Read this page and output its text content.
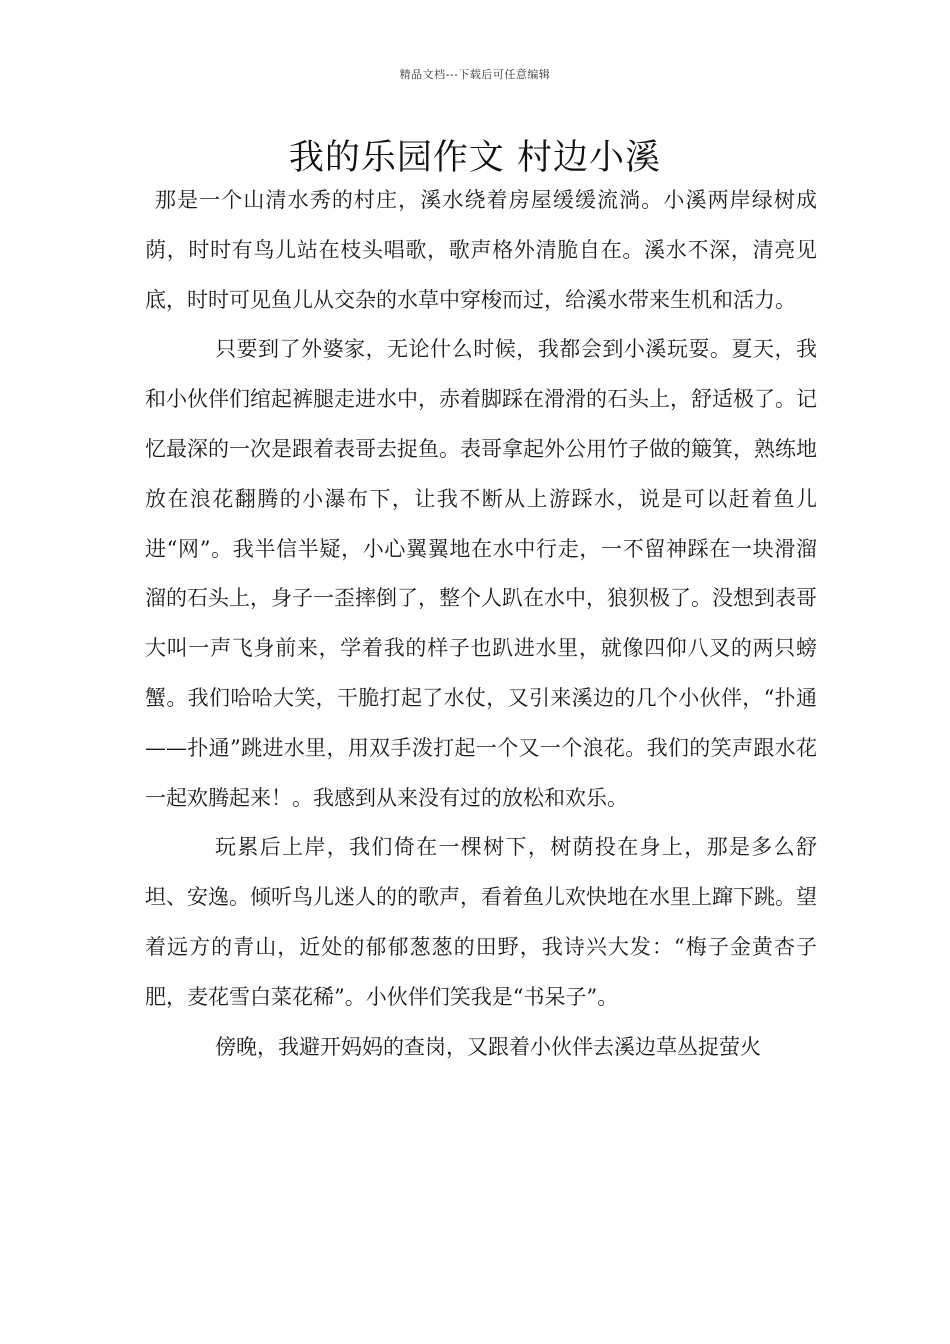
精品文档---下载后可任意编辑
我的乐园作文 村边小溪

那是一个山清水秀的村庄，溪水绕着房屋缓缓流淌。小溪两岸绿树成荫，时时有鸟儿站在枝头唱歌，歌声格外清脆自在。溪水不深，清亮见底，时时可见鱼儿从交杂的水草中穿梭而过，给溪水带来生机和活力。

只要到了外婆家，无论什么时候，我都会到小溪玩耍。夏天，我和小伙伴们绾起裤腿走进水中，赤着脚踩在滑滑的石头上，舒适极了。记忆最深的一次是跟着表哥去捉鱼。表哥拿起外公用竹子做的簸箕，熟练地放在浪花翻腾的小瀑布下，让我不断从上游踩水，说是可以赶着鱼儿进“网”。我半信半疑，小心翼翼地在水中行走，一不留神踩在一块滑溜溜的石头上，身子一歪摔倒了，整个人趴在水中，狼狈极了。没想到表哥大叫一声飞身前来，学着我的样子也趴进水里，就像四仰八叉的两只螃蟹。我们哈哈大笑，干脆打起了水仗，又引来溪边的几个小伙伴，“扑通——扑通”跳进水里，用双手泼打起一个又一个浪花。我们的笑声跟水花一起欢腾起来！。我感到从来没有过的放松和欢乐。

玩累后上岸，我们倚在一棵树下，树荫投在身上，那是多么舒坦、安逸。倾听鸟儿迷人的的歌声，看着鱼儿欢快地在水里上蹿下跳。望着远方的青山，近处的郁郁葱葱的田野，我诗兴大发：“梅子金黄杏子肥，麦花雪白菜花稀”。小伙伴们笑我是“书呆子”。

傍晚，我避开妈妈的查岗，又跟着小伙伴去溪边草丛捉萤火
